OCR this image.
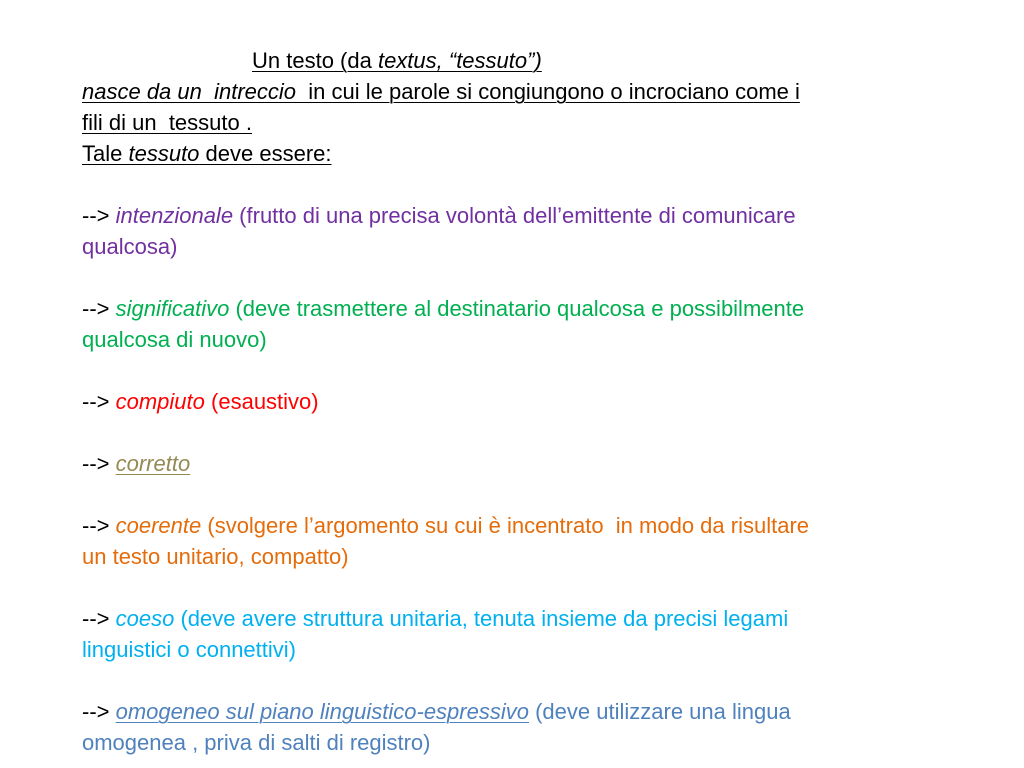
Un testo (da textus, “tessuto”)
nasce da un  intreccio  in cui le parole si congiungono o incrociano come i
fili di un  tessuto .
Tale tessuto deve essere:
--> intenzionale (frutto di una precisa volontà dell’emittente di comunicare
qualcosa)
--> significativo (deve trasmettere al destinatario qualcosa e possibilmente
qualcosa di nuovo)
--> compiuto (esaustivo)
--> corretto
--> coerente (svolgere l’argomento su cui è incentrato  in modo da risultare
un testo unitario, compatto)
--> coeso (deve avere struttura unitaria, tenuta insieme da precisi legami
linguistici o connettivi)
--> omogeneo sul piano linguistico-espressivo (deve utilizzare una lingua
omogenea , priva di salti di registro)
